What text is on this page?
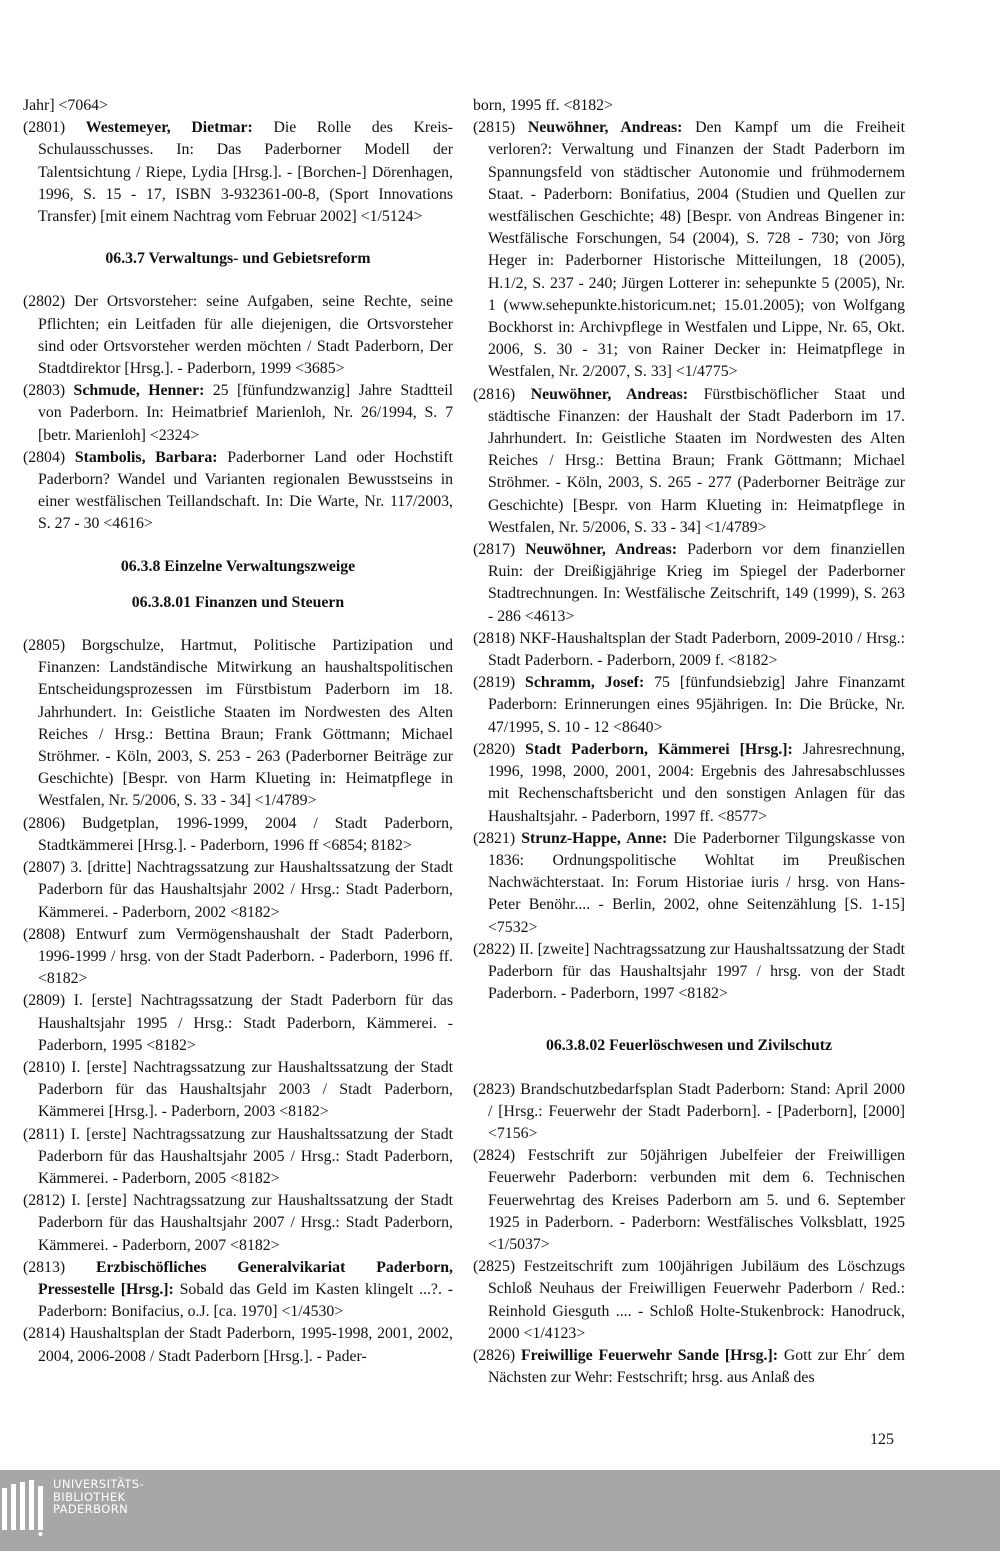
Jahr] <7064>

(2801) Westemeyer, Dietmar: Die Rolle des Kreis-Schulausschusses. In: Das Paderborner Modell der Talentsichtung / Riepe, Lydia [Hrsg.]. - [Borchen-] Dörenhagen, 1996, S. 15 - 17, ISBN 3-932361-00-8, (Sport Innovations Transfer) [mit einem Nachtrag vom Februar 2002] <1/5124>

06.3.7 Verwaltungs- und Gebietsreform

(2802) Der Ortsvorsteher: seine Aufgaben, seine Rechte, seine Pflichten; ein Leitfaden für alle diejenigen, die Ortsvorsteher sind oder Ortsvorsteher werden möchten / Stadt Paderborn, Der Stadtdirektor [Hrsg.]. - Paderborn, 1999 <3685>

(2803) Schmude, Henner: 25 [fünfundzwanzig] Jahre Stadtteil von Paderborn. In: Heimatbrief Marienloh, Nr. 26/1994, S. 7 [betr. Marienloh] <2324>

(2804) Stambolis, Barbara: Paderborner Land oder Hochstift Paderborn? Wandel und Varianten regionalen Bewusstseins in einer westfälischen Teillandschaft. In: Die Warte, Nr. 117/2003, S. 27 - 30 <4616>

06.3.8 Einzelne Verwaltungszweige

06.3.8.01 Finanzen und Steuern

(2805) Borgschulze, Hartmut, Politische Partizipation und Finanzen: Landständische Mitwirkung an haushaltspolitischen Entscheidungsprozessen im Fürstbistum Paderborn im 18. Jahrhundert. In: Geistliche Staaten im Nordwesten des Alten Reiches / Hrsg.: Bettina Braun; Frank Göttmann; Michael Ströhmer. - Köln, 2003, S. 253 - 263 (Paderborner Beiträge zur Geschichte) [Bespr. von Harm Klueting in: Heimatpflege in Westfalen, Nr. 5/2006, S. 33 - 34] <1/4789>

(2806) Budgetplan, 1996-1999, 2004 / Stadt Paderborn, Stadtkämmerei [Hrsg.]. - Paderborn, 1996 ff <6854; 8182>

(2807) 3. [dritte] Nachtragssatzung zur Haushaltssatzung der Stadt Paderborn für das Haushaltsjahr 2002 / Hrsg.: Stadt Paderborn, Kämmerei. - Paderborn, 2002 <8182>

(2808) Entwurf zum Vermögenshaushalt der Stadt Paderborn, 1996-1999 / hrsg. von der Stadt Paderborn. - Paderborn, 1996 ff. <8182>

(2809) I. [erste] Nachtragssatzung der Stadt Paderborn für das Haushaltsjahr 1995 / Hrsg.: Stadt Paderborn, Kämmerei. - Paderborn, 1995 <8182>

(2810) I. [erste] Nachtragssatzung zur Haushaltssatzung der Stadt Paderborn für das Haushaltsjahr 2003 / Stadt Paderborn, Kämmerei [Hrsg.]. - Paderborn, 2003 <8182>

(2811) I. [erste] Nachtragssatzung zur Haushaltssatzung der Stadt Paderborn für das Haushaltsjahr 2005 / Hrsg.: Stadt Paderborn, Kämmerei. - Paderborn, 2005 <8182>

(2812) I. [erste] Nachtragssatzung zur Haushaltssatzung der Stadt Paderborn für das Haushaltsjahr 2007 / Hrsg.: Stadt Paderborn, Kämmerei. - Paderborn, 2007 <8182>

(2813) Erzbischöfliches Generalvikariat Paderborn, Pressestelle [Hrsg.]: Sobald das Geld im Kasten klingelt ...?. - Paderborn: Bonifacius, o.J. [ca. 1970] <1/4530>

(2814) Haushaltsplan der Stadt Paderborn, 1995-1998, 2001, 2002, 2004, 2006-2008 / Stadt Paderborn [Hrsg.]. - Pader-

born, 1995 ff. <8182>

(2815) Neuwöhner, Andreas: Den Kampf um die Freiheit verloren?: Verwaltung und Finanzen der Stadt Paderborn im Spannungsfeld von städtischer Autonomie und frühmodernem Staat. - Paderborn: Bonifatius, 2004 (Studien und Quellen zur westfälischen Geschichte; 48) [Bespr. von Andreas Bingener in: Westfälische Forschungen, 54 (2004), S. 728 - 730; von Jörg Heger in: Paderborner Historische Mitteilungen, 18 (2005), H.1/2, S. 237 - 240; Jürgen Lotterer in: sehepunkte 5 (2005), Nr. 1 (www.sehepunkte.historicum.net; 15.01.2005); von Wolfgang Bockhorst in: Archivpflege in Westfalen und Lippe, Nr. 65, Okt. 2006, S. 30 - 31; von Rainer Decker in: Heimatpflege in Westfalen, Nr. 2/2007, S. 33] <1/4775>

(2816) Neuwöhner, Andreas: Fürstbischöflicher Staat und städtische Finanzen: der Haushalt der Stadt Paderborn im 17. Jahrhundert. In: Geistliche Staaten im Nordwesten des Alten Reiches / Hrsg.: Bettina Braun; Frank Göttmann; Michael Ströhmer. - Köln, 2003, S. 265 - 277 (Paderborner Beiträge zur Geschichte) [Bespr. von Harm Klueting in: Heimatpflege in Westfalen, Nr. 5/2006, S. 33 - 34] <1/4789>

(2817) Neuwöhner, Andreas: Paderborn vor dem finanziellen Ruin: der Dreißigjährige Krieg im Spiegel der Paderborner Stadtrechnungen. In: Westfälische Zeitschrift, 149 (1999), S. 263 - 286 <4613>

(2818) NKF-Haushaltsplan der Stadt Paderborn, 2009-2010 / Hrsg.: Stadt Paderborn. - Paderborn, 2009 f. <8182>

(2819) Schramm, Josef: 75 [fünfundsiebzig] Jahre Finanzamt Paderborn: Erinnerungen eines 95jährigen. In: Die Brücke, Nr. 47/1995, S. 10 - 12 <8640>

(2820) Stadt Paderborn, Kämmerei [Hrsg.]: Jahresrechnung, 1996, 1998, 2000, 2001, 2004: Ergebnis des Jahresabschlusses mit Rechenschaftsbericht und den sonstigen Anlagen für das Haushaltsjahr. - Paderborn, 1997 ff. <8577>

(2821) Strunz-Happe, Anne: Die Paderborner Tilgungskasse von 1836: Ordnungspolitische Wohltat im Preußischen Nachwächterstaat. In: Forum Historiae iuris / hrsg. von Hans-Peter Benöhr.... - Berlin, 2002, ohne Seitenzählung [S. 1-15] <7532>

(2822) II. [zweite] Nachtragssatzung zur Haushaltssatzung der Stadt Paderborn für das Haushaltsjahr 1997 / hrsg. von der Stadt Paderborn. - Paderborn, 1997 <8182>

06.3.8.02 Feuerlöschwesen und Zivilschutz

(2823) Brandschutzbedarfsplan Stadt Paderborn: Stand: April 2000 / [Hrsg.: Feuerwehr der Stadt Paderborn]. - [Paderborn], [2000] <7156>

(2824) Festschrift zur 50jährigen Jubelfeier der Freiwilligen Feuerwehr Paderborn: verbunden mit dem 6. Technischen Feuerwehrtag des Kreises Paderborn am 5. und 6. September 1925 in Paderborn. - Paderborn: Westfälisches Volksblatt, 1925 <1/5037>

(2825) Festzeitschrift zum 100jährigen Jubiläum des Löschzugs Schloß Neuhaus der Freiwilligen Feuerwehr Paderborn / Red.: Reinhold Giesguth .... - Schloß Holte-Stukenbrock: Hanodruck, 2000 <1/4123>

(2826) Freiwillige Feuerwehr Sande [Hrsg.]: Gott zur Ehr´ dem Nächsten zur Wehr: Festschrift; hrsg. aus Anlaß des

125
UNIVERSITÄTS-
BIBLIOTHEK
PADERBORN
